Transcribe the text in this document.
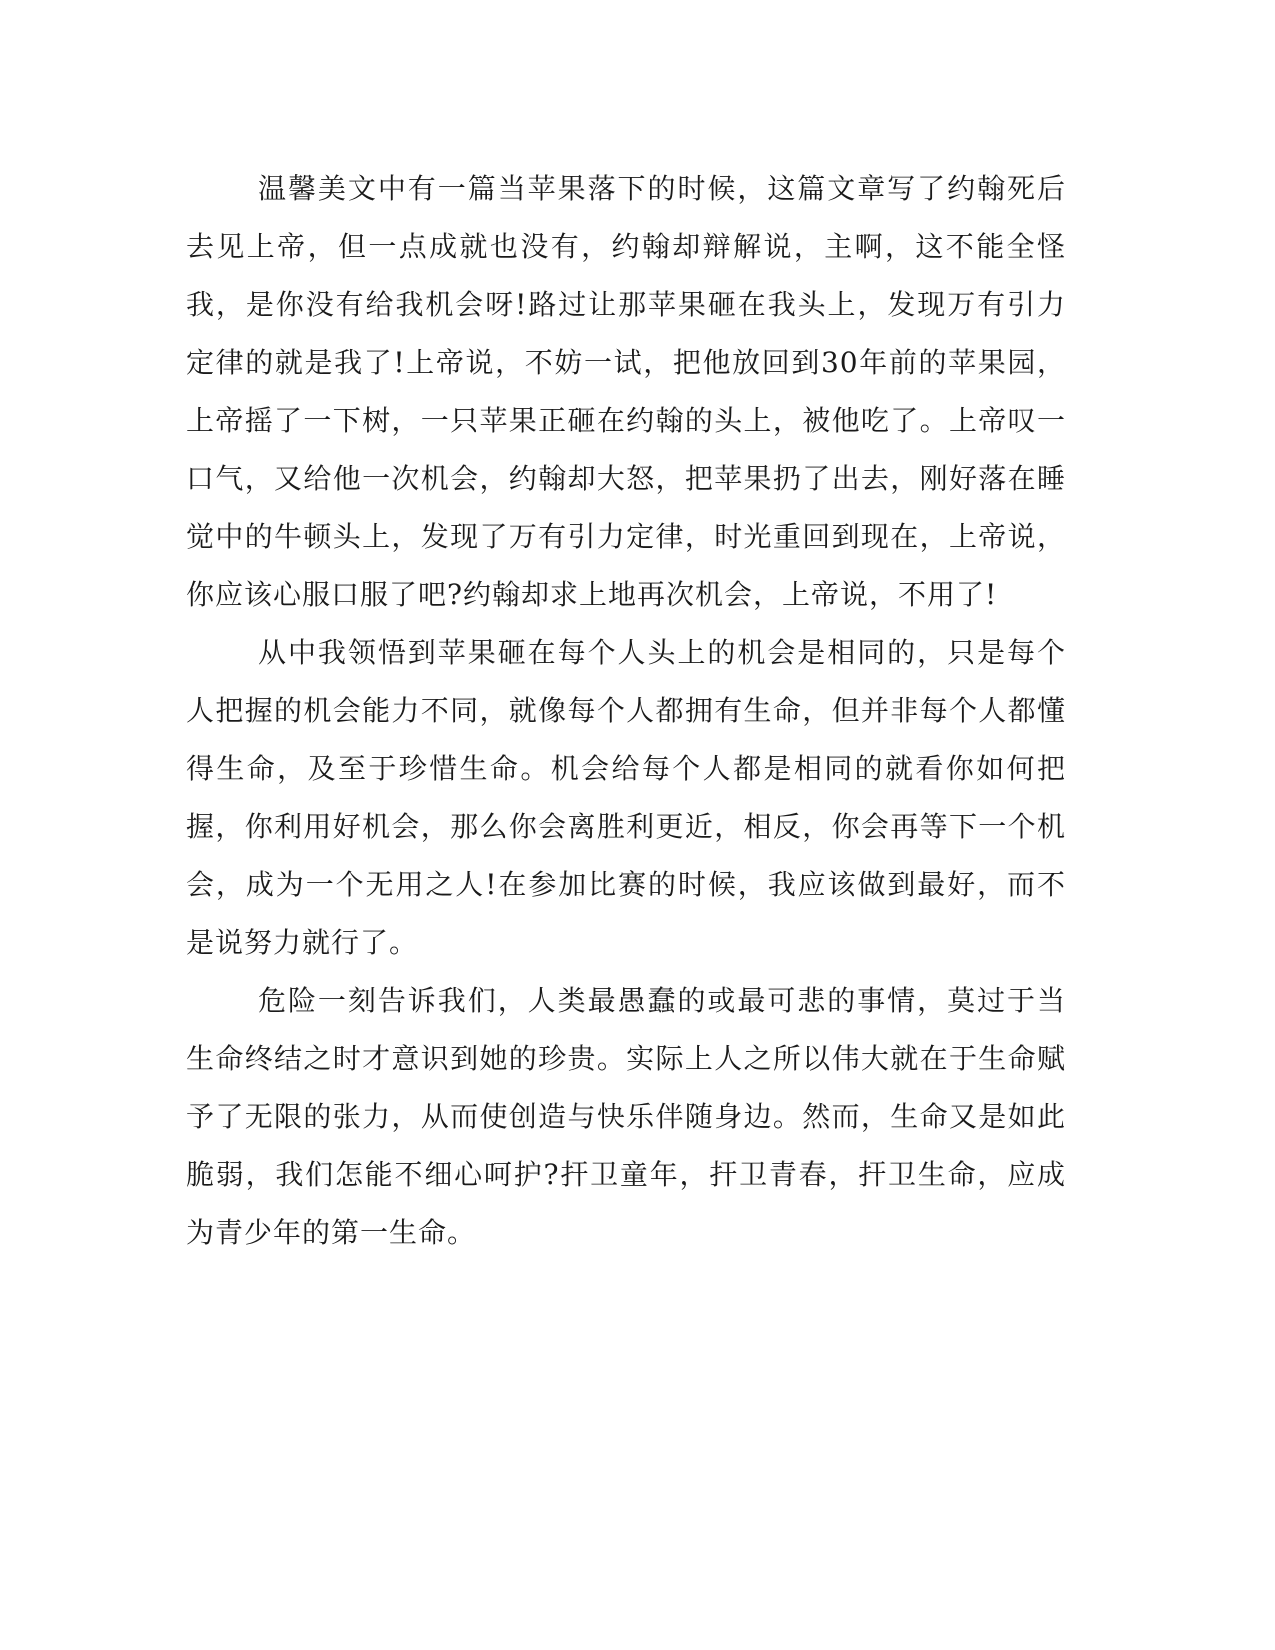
温馨美文中有一篇当苹果落下的时候，这篇文章写了约翰死后去见上帝，但一点成就也没有，约翰却辩解说，主啊，这不能全怪我，是你没有给我机会呀!路过让那苹果砸在我头上，发现万有引力定律的就是我了!上帝说，不妨一试，把他放回到30年前的苹果园，上帝摇了一下树，一只苹果正砸在约翰的头上，被他吃了。上帝叹一口气，又给他一次机会，约翰却大怒，把苹果扔了出去，刚好落在睡觉中的牛顿头上，发现了万有引力定律，时光重回到现在，上帝说，你应该心服口服了吧?约翰却求上地再次机会，上帝说，不用了!

从中我领悟到苹果砸在每个人头上的机会是相同的，只是每个人把握的机会能力不同，就像每个人都拥有生命，但并非每个人都懂得生命，及至于珍惜生命。机会给每个人都是相同的就看你如何把握，你利用好机会，那么你会离胜利更近，相反，你会再等下一个机会，成为一个无用之人!在参加比赛的时候，我应该做到最好，而不是说努力就行了。

危险一刻告诉我们，人类最愚蠢的或最可悲的事情，莫过于当生命终结之时才意识到她的珍贵。实际上人之所以伟大就在于生命赋予了无限的张力，从而使创造与快乐伴随身边。然而，生命又是如此脆弱，我们怎能不细心呵护?扞卫童年，扞卫青春，扞卫生命，应成为青少年的第一生命。
